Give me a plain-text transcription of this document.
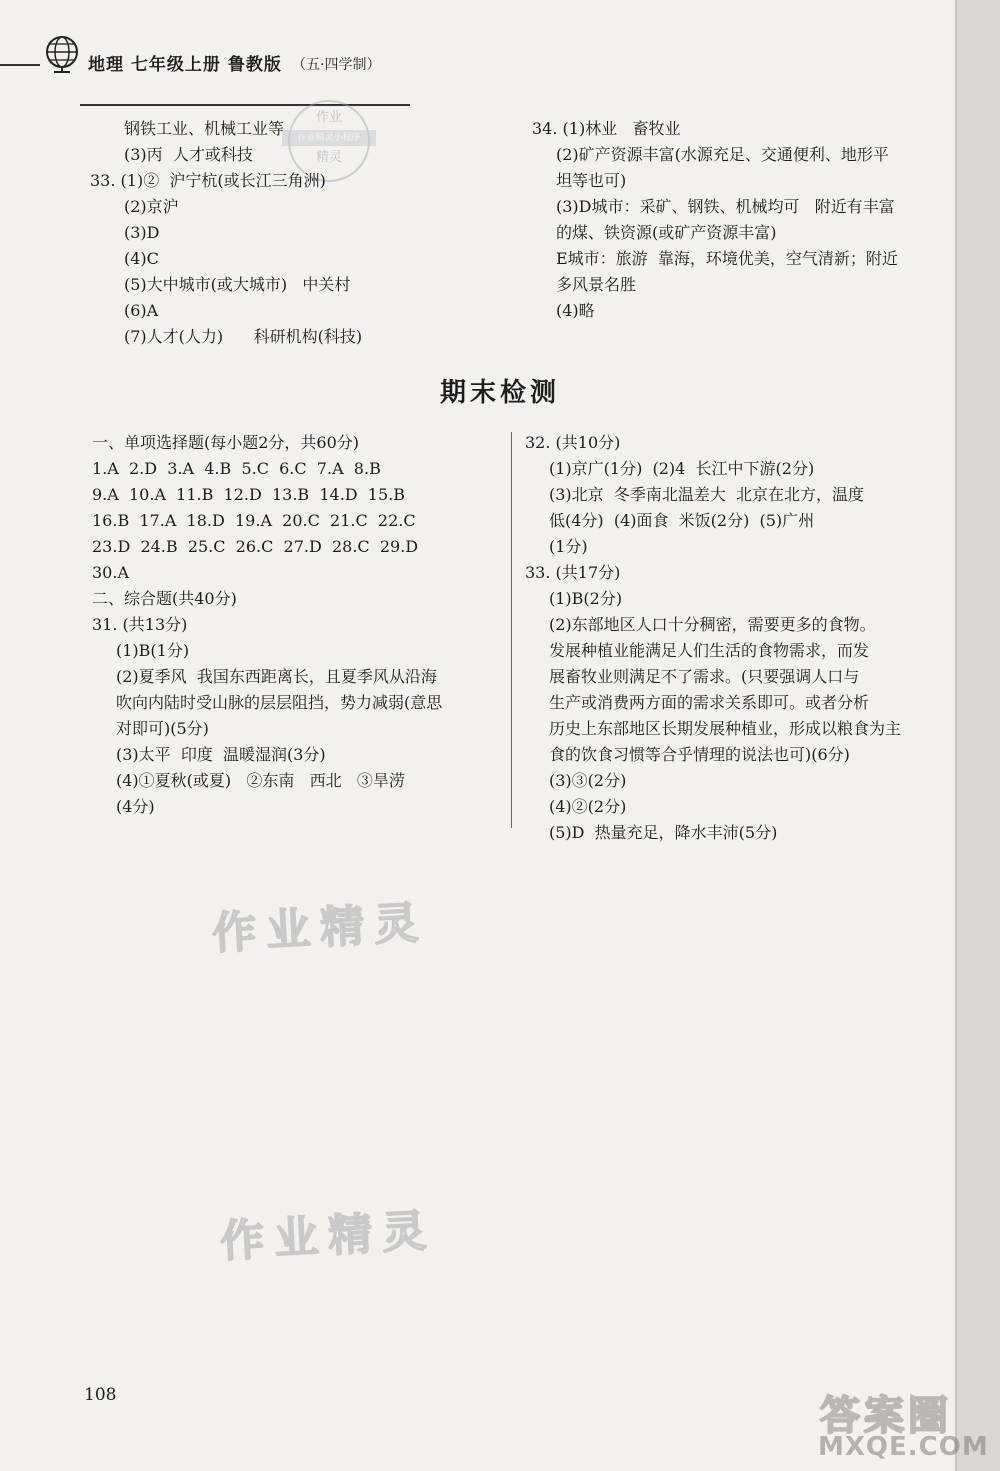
地理 七年级上册 鲁教版 （五·四学制）
作业
作业精灵小程序
精灵

钢铁工业、机械工业等

(3)丙  人才或科技

33. (1)②  沪宁杭(或长江三角洲)

(2)京沪

(3)D

(4)C

(5)大中城市(或大城市)   中关村

(6)A

(7)人才(人力)      科研机构(科技)

34. (1)林业   畜牧业

(2)矿产资源丰富(水源充足、交通便利、地形平

坦等也可)

(3)D城市：采矿、钢铁、机械均可   附近有丰富

的煤、铁资源(或矿产资源丰富)

E城市：旅游  靠海，环境优美，空气清新；附近

多风景名胜

(4)略

期末检测

一、单项选择题(每小题2分，共60分)

1.A  2.D  3.A  4.B  5.C  6.C  7.A  8.B

9.A  10.A  11.B  12.D  13.B  14.D  15.B

16.B  17.A  18.D  19.A  20.C  21.C  22.C

23.D  24.B  25.C  26.C  27.D  28.C  29.D

30.A

二、综合题(共40分)

31. (共13分)

(1)B(1分)

(2)夏季风  我国东西距离长，且夏季风从沿海

吹向内陆时受山脉的层层阻挡，势力减弱(意思

对即可)(5分)

(3)太平  印度  温暖湿润(3分)

(4)①夏秋(或夏)   ②东南   西北   ③旱涝

(4分)

32. (共10分)

(1)京广(1分)  (2)4  长江中下游(2分)

(3)北京  冬季南北温差大  北京在北方，温度

低(4分)  (4)面食  米饭(2分)  (5)广州

(1分)

33. (共17分)

(1)B(2分)

(2)东部地区人口十分稠密，需要更多的食物。

发展种植业能满足人们生活的食物需求，而发

展畜牧业则满足不了需求。(只要强调人口与

生产或消费两方面的需求关系即可。或者分析

历史上东部地区长期发展种植业，形成以粮食为主

食的饮食习惯等合乎情理的说法也可)(6分)

(3)③(2分)

(4)②(2分)

(5)D  热量充足，降水丰沛(5分)

作业精灵
作业精灵
108	答案圈
MXQE.COM
